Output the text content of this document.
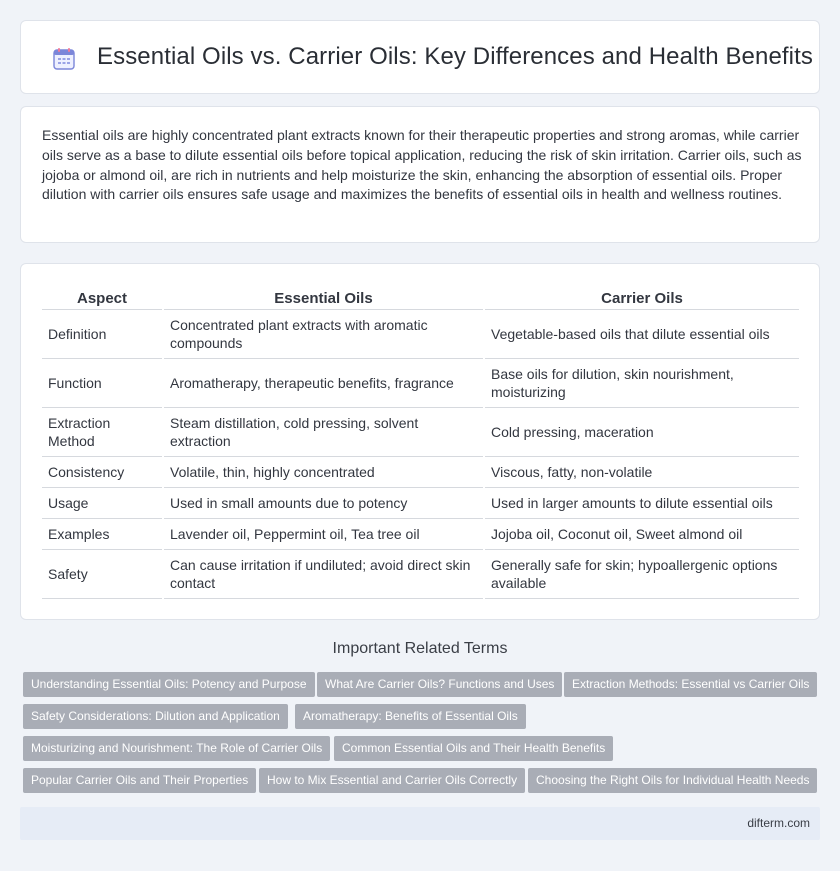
Essential Oils vs. Carrier Oils: Key Differences and Health Benefits

Essential oils are highly concentrated plant extracts known for their therapeutic properties and strong aromas, while carrier oils serve as a base to dilute essential oils before topical application, reducing the risk of skin irritation. Carrier oils, such as jojoba or almond oil, are rich in nutrients and help moisturize the skin, enhancing the absorption of essential oils. Proper dilution with carrier oils ensures safe usage and maximizes the benefits of essential oils in health and wellness routines.

Aspect	Essential Oils	Carrier Oils
Definition	Concentrated plant extracts with aromatic compounds	Vegetable-based oils that dilute essential oils
Function	Aromatherapy, therapeutic benefits, fragrance	Base oils for dilution, skin nourishment, moisturizing
Extraction Method	Steam distillation, cold pressing, solvent extraction	Cold pressing, maceration
Consistency	Volatile, thin, highly concentrated	Viscous, fatty, non-volatile
Usage	Used in small amounts due to potency	Used in larger amounts to dilute essential oils
Examples	Lavender oil, Peppermint oil, Tea tree oil	Jojoba oil, Coconut oil, Sweet almond oil
Safety	Can cause irritation if undiluted; avoid direct skin contact	Generally safe for skin; hypoallergenic options available
Important Related Terms
Understanding Essential Oils: Potency and Purpose	What Are Carrier Oils? Functions and Uses	Extraction Methods: Essential vs Carrier Oils
Safety Considerations: Dilution and Application	Aromatherapy: Benefits of Essential Oils
Moisturizing and Nourishment: The Role of Carrier Oils	Common Essential Oils and Their Health Benefits
Popular Carrier Oils and Their Properties	How to Mix Essential and Carrier Oils Correctly	Choosing the Right Oils for Individual Health Needs
difterm.com
